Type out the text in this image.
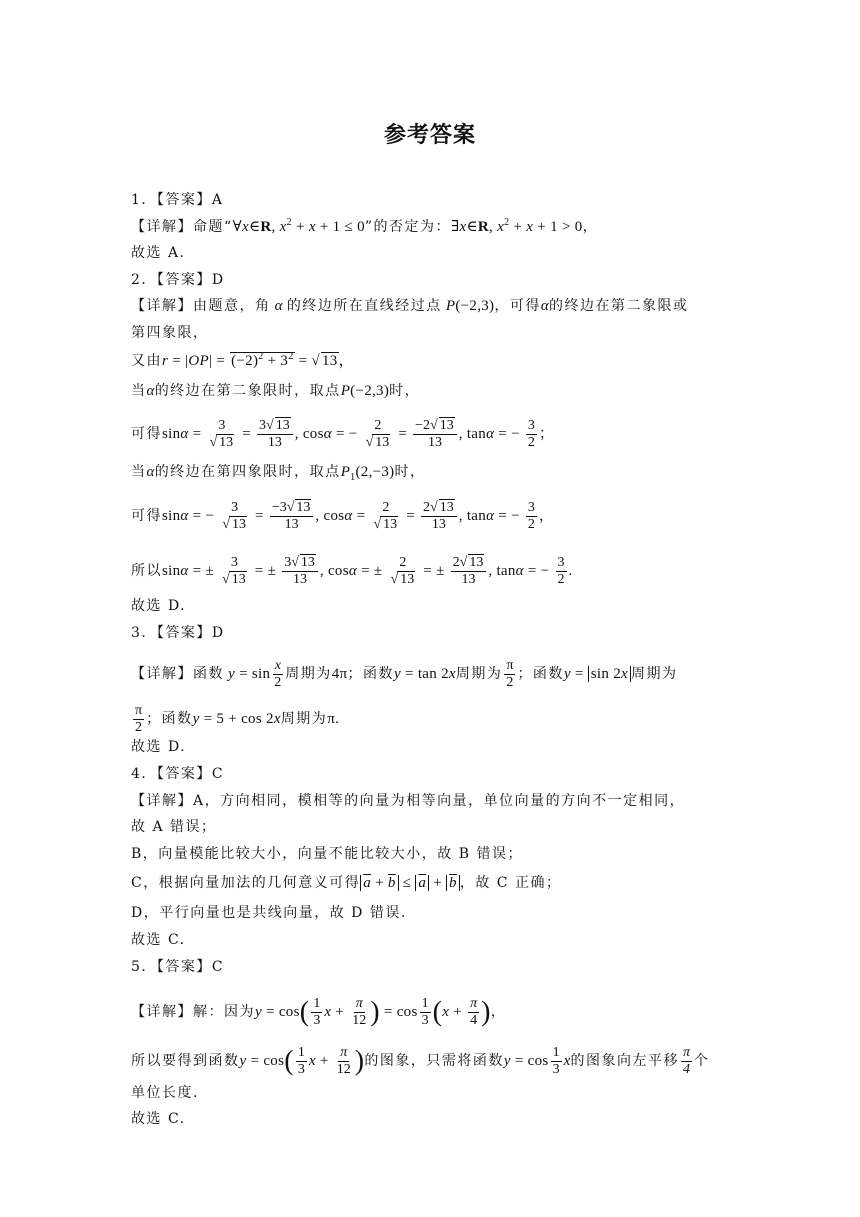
参考答案
1．【答案】A
【详解】命题“∀x∈R, $x^2 + x + 1 \le 0$”的否定为：∃x∈R, $x^2 + x + 1 > 0$，
故选 A.
2．【答案】D
【详解】由题意，角 α 的终边所在直线经过点 P(−2,3)，可得α的终边在第二象限或
第四象限，
又由$r = |OP| = (-2)^2 + 3^2$ = √ 13，
当α的终边在第二象限时，取点P(−2,3)时，
可得$\sin\alpha = \frac{3}{√ 13} = \frac{3√ 13}{13}$ , cosα = − $\frac{2}{√ 13} = \frac{-2√ 13}{13}$ , tanα = − $\frac{3}{2}$ ；
当α的终边在第四象限时，取点$P_1(2,-3)$时，
可得sinα = − $\frac{3}{√ 13} = \frac{-3√ 13}{13}$ , $\cos\alpha = \frac{2}{√ 13} = \frac{2√ 13}{13}$ , tanα = − $\frac{3}{2}$ ，
所以sinα = ± $\frac{3}{√ 13}$ = ± $\frac{3√ 13}{13}$ , cosα = ± $\frac{2}{√ 13}$ = ± $\frac{2√ 13}{13}$ , tanα = − $\frac{3}{2}$ .
故选 D.
3．【答案】D
【详解】函数 $y = \sin \frac{x}{2}$ 周期为4π；函数y = tan 2x周期为 $\frac{\pi}{2}$ ；函数y = sin 2x 周期为
$\frac{\pi}{2}$ ；函数y = 5 + cos 2x周期为π.
故选 D.
4．【答案】C
【详解】A，方向相同，模相等的向量为相等向量，单位向量的方向不一定相同，
故 A 错误；
B，向量模能比较大小，向量不能比较大小，故 B 错误；
C，根据向量加法的几何意义可得 $\overline{a} + \overline{b} \le \overline{a} + \overline{b}$ ，故 C 正确；
D，平行向量也是共线向量，故 D 错误.
故选 C.
5．【答案】C
【详解】解：因为$y = \cos( \frac{1}{3}$ $x + \frac{\pi}{12}$ ) = $\cos \frac{1}{3} (x + \frac{\pi}{4}$ )，
所以要得到函数$y = \cos( \frac{1}{3}$ $x + \frac{\pi}{12}$ )的图象，只需将函数$y = \cos \frac{1}{3}$ x的图象向左平移 $\frac{\pi}{4}$ 个
单位长度.
故选 C.
